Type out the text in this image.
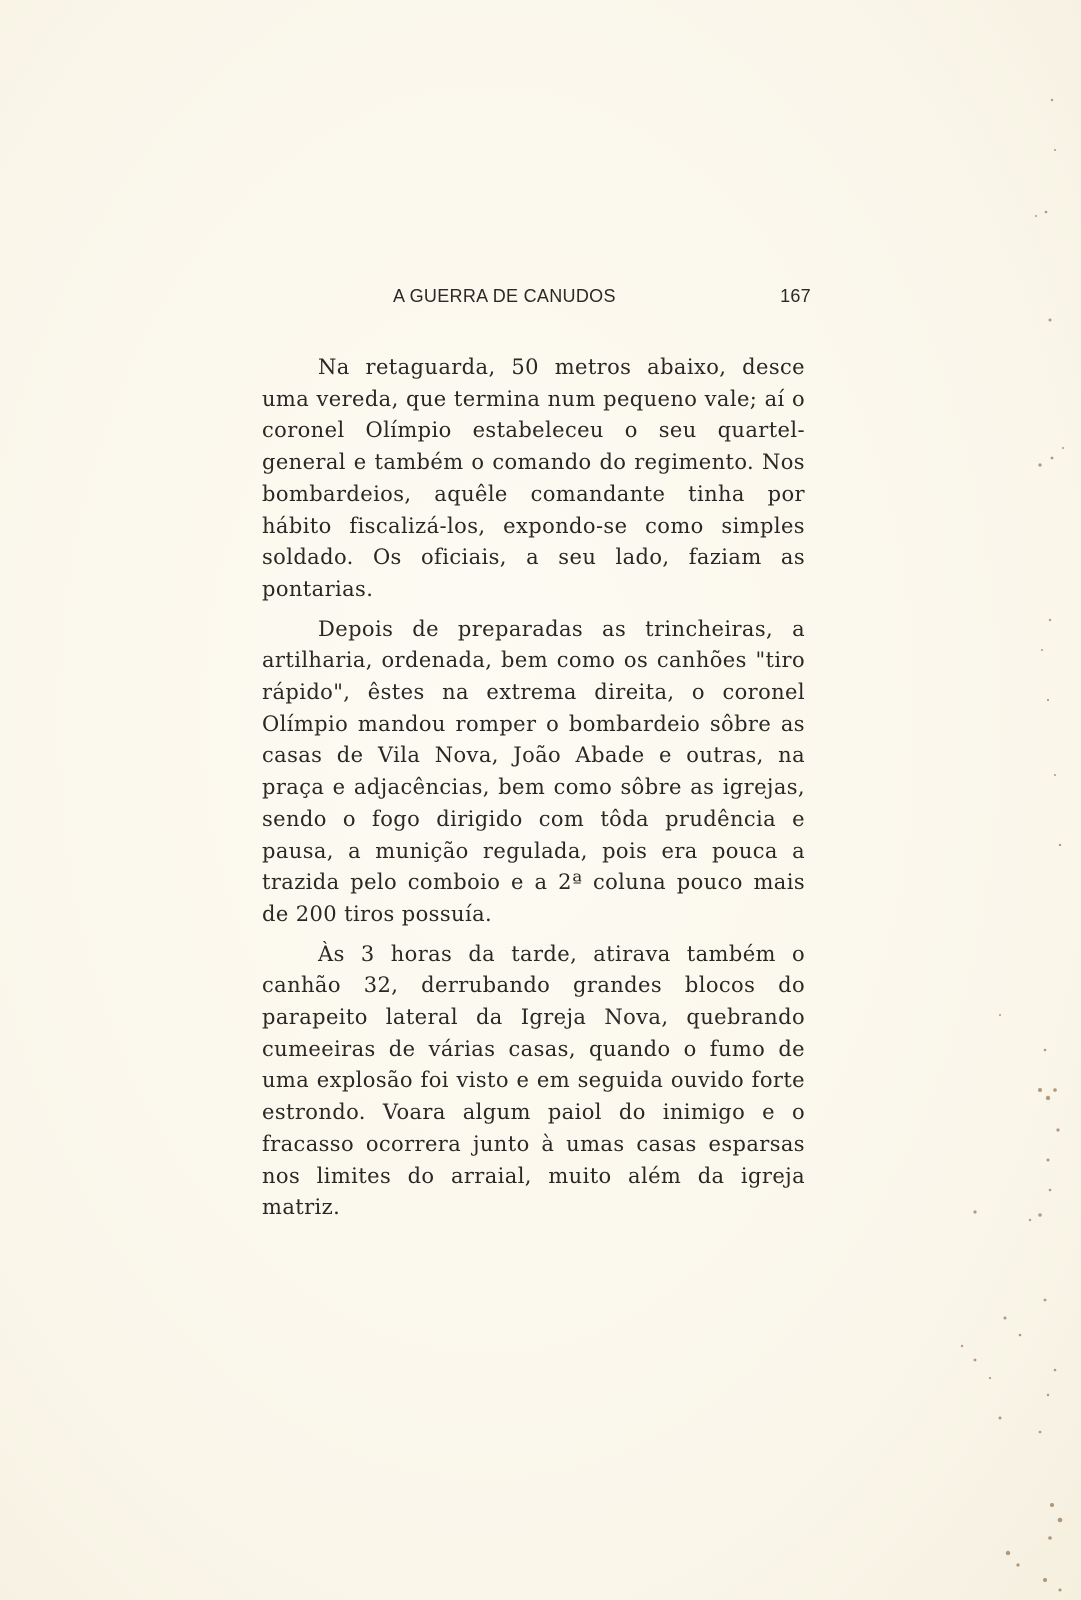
A GUERRA DE CANUDOS	167

Na retaguarda, 50 metros abaixo, desce uma vereda, que termina num pequeno vale; aí o coronel Olímpio estabeleceu o seu quartel-general e também o comando do regimento. Nos bombardeios, aquêle comandante tinha por hábito fiscalizá-los, expondo-se como simples soldado. Os oficiais, a seu lado, faziam as pontarias.

Depois de preparadas as trincheiras, a artilharia, ordenada, bem como os canhões "tiro rápido", êstes na extrema direita, o coronel Olímpio mandou romper o bombardeio sôbre as casas de Vila Nova, João Abade e outras, na praça e adjacências, bem como sôbre as igrejas, sendo o fogo dirigido com tôda prudência e pausa, a munição regulada, pois era pouca a trazida pelo comboio e a 2ª coluna pouco mais de 200 tiros possuía.

Às 3 horas da tarde, atirava também o canhão 32, derrubando grandes blocos do parapeito lateral da Igreja Nova, quebrando cumeeiras de várias casas, quando o fumo de uma explosão foi visto e em seguida ouvido forte estrondo. Voara algum paiol do inimigo e o fracasso ocorrera junto à umas casas esparsas nos limites do arraial, muito além da igreja matriz.
